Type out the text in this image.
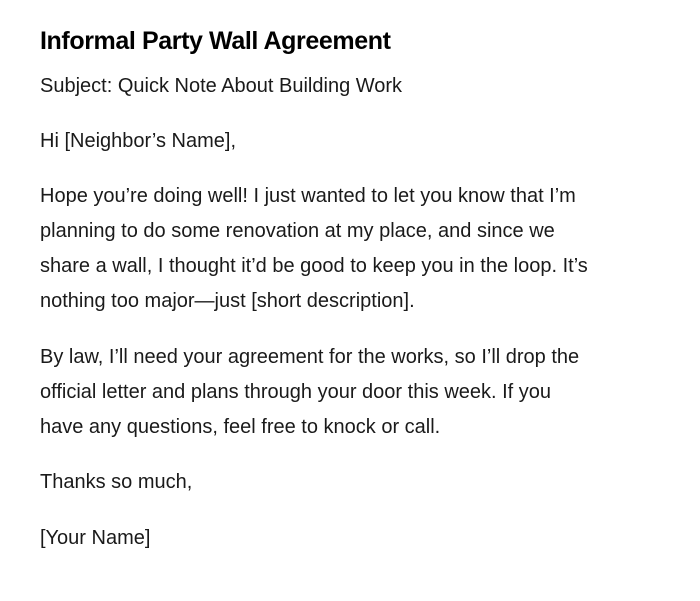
Informal Party Wall Agreement

Subject: Quick Note About Building Work

Hi [Neighbor’s Name],

Hope you’re doing well! I just wanted to let you know that I’m
planning to do some renovation at my place, and since we
share a wall, I thought it’d be good to keep you in the loop. It’s
nothing too major—just [short description].

By law, I’ll need your agreement for the works, so I’ll drop the
official letter and plans through your door this week. If you
have any questions, feel free to knock or call.

Thanks so much,

[Your Name]
